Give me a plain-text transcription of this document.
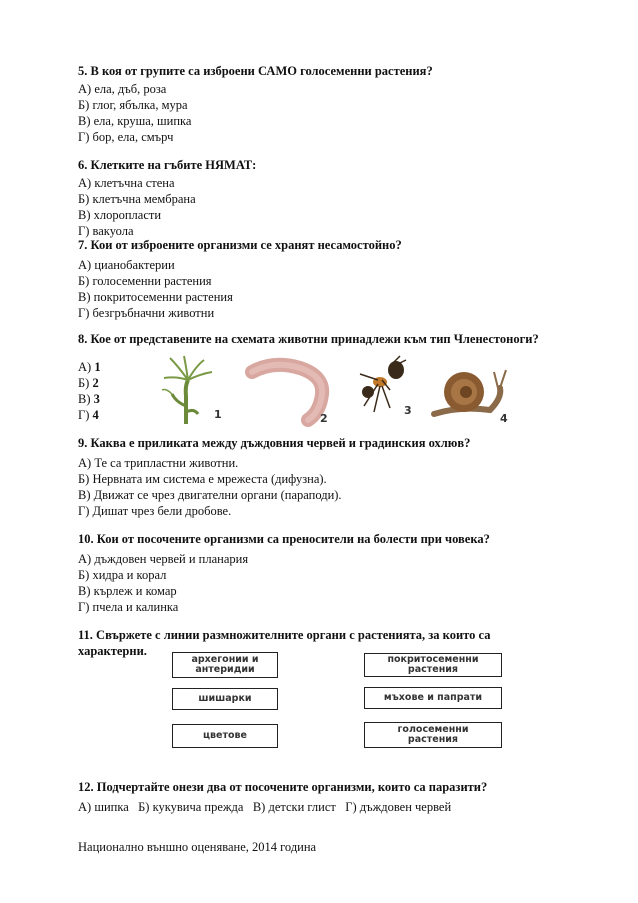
5. В коя от групите са изброени САМО голосеменни растения?
А) ела, дъб, роза
Б) глог, ябълка, мура
В) ела, круша, шипка
Г) бор, ела, смърч
6. Клетките на гъбите НЯМАТ:
А) клетъчна стена
Б) клетъчна мембрана
В) хлоропласти
Г) вакуола
7. Кои от изброените организми се хранят несамостойно?
А) цианобактерии
Б) голосеменни растения
В) покритосеменни растения
Г) безгръбначни животни
8. Кое от представените на схемата животни принадлежи към тип Членестоноги?
А) 1
Б) 2
В) 3
Г) 4	1	2
3
4
9. Каква е приликата между дъждовния червей и градинския охлюв?
А) Те са трипластни животни.
Б) Нервната им система е мрежеста (дифузна).
В) Движат се чрез двигателни органи (параподи).
Г) Дишат чрез бели дробове.
10. Кои от посочените организми са преносители на болести при човека?
А) дъждовен червей и планария
Б) хидра и корал
В) кърлеж и комар
Г) пчела и калинка
11. Свържете с линии размножителните органи с растенията, за които са
характерни.
архегонии и
антеридии
шишарки
цветове
покритосеменни
растения
мъхове и папрати
голосеменни
растения
12. Подчертайте онези два от посочените организми, които са паразити?
А) шипка   Б) кукувича прежда   В) детски глист   Г) дъждовен червей
Национално външно оценяване, 2014 година
